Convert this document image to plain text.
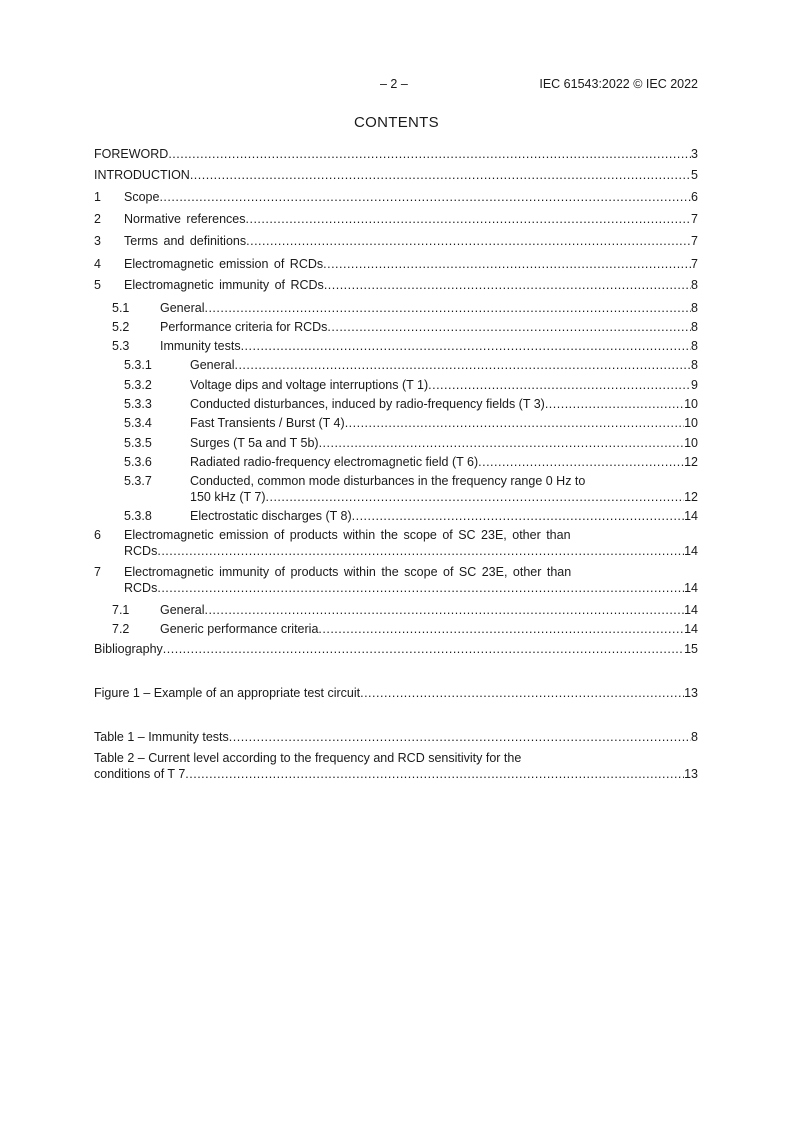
– 2 –	IEC 61543:2022 © IEC 2022
CONTENTS
FOREWORD .....	3
INTRODUCTION .....	5
1	Scope .....	6
2	Normative references .....	7
3	Terms and definitions .....	7
4	Electromagnetic emission of RCDs .....	7
5	Electromagnetic immunity of RCDs .....	8
5.1	General .....	8
5.2	Performance criteria for RCDs .....	8
5.3	Immunity tests .....	8
5.3.1	General .....	8
5.3.2	Voltage dips and voltage interruptions (T 1) .....	9
5.3.3	Conducted disturbances, induced by radio-frequency fields (T 3) .....	10
5.3.4	Fast Transients / Burst (T 4) .....	10
5.3.5	Surges (T 5a and T 5b) .....	10
5.3.6	Radiated radio-frequency electromagnetic field (T 6) .....	12
5.3.7	Conducted, common mode disturbances in the frequency range 0 Hz to
150 kHz (T 7) .....	12
5.3.8	Electrostatic discharges (T 8) .....	14
6	Electromagnetic emission of products within the scope of SC 23E, other than
RCDs .....	14
7	Electromagnetic immunity of products within the scope of SC 23E, other than
RCDs .....	14
7.1	General .....	14
7.2	Generic performance criteria .....	14
Bibliography .....	15
Figure 1 – Example of an appropriate test circuit .....	13
Table 1 – Immunity tests .....	8
Table 2 – Current level according to the frequency and RCD sensitivity for the
conditions of T 7 .....	13
